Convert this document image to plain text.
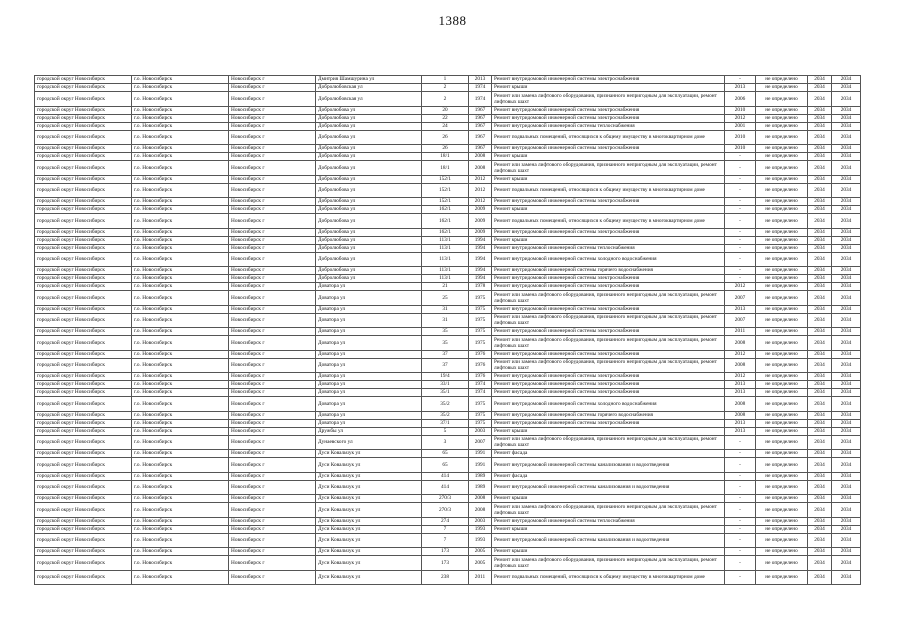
1388
городской округ Новосибирск	г.о. Новосибирск	Новосибирск г	Дмитрия Шамшурина ул	1	2013	Ремонт внутридомовой инженерной системы электроснабжения	-	не определено	2034	2034
городской округ Новосибирск	г.о. Новосибирск	Новосибирск г	Добролюбовская ул	2	1974	Ремонт крыши	2013	не определено	2034	2034
городской округ Новосибирск	г.о. Новосибирск	Новосибирск г	Добролюбовская ул	2	1974	Ремонт или замена лифтового оборудования, признанного непригодным для эксплуатации, ремонт лифтовых шахт	2006	не определено	2034	2034
городской округ Новосибирск	г.о. Новосибирск	Новосибирск г	Добролюбова ул	20	1967	Ремонт внутридомовой инженерной системы электроснабжения	2010	не определено	2034	2034
городской округ Новосибирск	г.о. Новосибирск	Новосибирск г	Добролюбова ул	22	1967	Ремонт внутридомовой инженерной системы электроснабжения	2012	не определено	2034	2034
городской округ Новосибирск	г.о. Новосибирск	Новосибирск г	Добролюбова ул	24	1967	Ремонт внутридомовой инженерной системы теплоснабжения	2001	не определено	2034	2034
городской округ Новосибирск	г.о. Новосибирск	Новосибирск г	Добролюбова ул	26	1967	Ремонт подвальных помещений, относящихся к общему имуществу в многоквартирном доме	2010	не определено	2034	2034
городской округ Новосибирск	г.о. Новосибирск	Новосибирск г	Добролюбова ул	26	1967	Ремонт внутридомовой инженерной системы электроснабжения	2010	не определено	2034	2034
городской округ Новосибирск	г.о. Новосибирск	Новосибирск г	Добролюбова ул	18/1	2008	Ремонт крыши	-	не определено	2034	2034
городской округ Новосибирск	г.о. Новосибирск	Новосибирск г	Добролюбова ул	18/1	2008	Ремонт или замена лифтового оборудования, признанного непригодным для эксплуатации, ремонт лифтовых шахт	-	не определено	2034	2034
городской округ Новосибирск	г.о. Новосибирск	Новосибирск г	Добролюбова ул	152/1	2012	Ремонт крыши	-	не определено	2034	2034
городской округ Новосибирск	г.о. Новосибирск	Новосибирск г	Добролюбова ул	152/1	2012	Ремонт подвальных помещений, относящихся к общему имуществу в многоквартирном доме	-	не определено	2034	2034
городской округ Новосибирск	г.о. Новосибирск	Новосибирск г	Добролюбова ул	152/1	2012	Ремонт внутридомовой инженерной системы электроснабжения	-	не определено	2034	2034
городской округ Новосибирск	г.о. Новосибирск	Новосибирск г	Добролюбова ул	162/1	2009	Ремонт крыши	-	не определено	2034	2034
городской округ Новосибирск	г.о. Новосибирск	Новосибирск г	Добролюбова ул	162/1	2009	Ремонт подвальных помещений, относящихся к общему имуществу в многоквартирном доме	-	не определено	2034	2034
городской округ Новосибирск	г.о. Новосибирск	Новосибирск г	Добролюбова ул	162/1	2009	Ремонт внутридомовой инженерной системы электроснабжения	-	не определено	2034	2034
городской округ Новосибирск	г.о. Новосибирск	Новосибирск г	Добролюбова ул	113/1	1994	Ремонт крыши	-	не определено	2034	2034
городской округ Новосибирск	г.о. Новосибирск	Новосибирск г	Добролюбова ул	113/1	1994	Ремонт внутридомовой инженерной системы теплоснабжения	-	не определено	2034	2034
городской округ Новосибирск	г.о. Новосибирск	Новосибирск г	Добролюбова ул	113/1	1994	Ремонт внутридомовой инженерной системы холодного водоснабжения	-	не определено	2034	2034
городской округ Новосибирск	г.о. Новосибирск	Новосибирск г	Добролюбова ул	113/1	1994	Ремонт внутридомовой инженерной системы горячего водоснабжения	-	не определено	2034	2034
городской округ Новосибирск	г.о. Новосибирск	Новосибирск г	Добролюбова ул	113/1	1994	Ремонт внутридомовой инженерной системы электроснабжения	-	не определено	2034	2034
городской округ Новосибирск	г.о. Новосибирск	Новосибирск г	Доватора ул	21	1978	Ремонт внутридомовой инженерной системы электроснабжения	2012	не определено	2034	2034
городской округ Новосибирск	г.о. Новосибирск	Новосибирск г	Доватора ул	25	1975	Ремонт или замена лифтового оборудования, признанного непригодным для эксплуатации, ремонт лифтовых шахт	2007	не определено	2034	2034
городской округ Новосибирск	г.о. Новосибирск	Новосибирск г	Доватора ул	31	1975	Ремонт внутридомовой инженерной системы электроснабжения	2013	не определено	2034	2034
городской округ Новосибирск	г.о. Новосибирск	Новосибирск г	Доватора ул	31	1975	Ремонт или замена лифтового оборудования, признанного непригодным для эксплуатации, ремонт лифтовых шахт	2007	не определено	2034	2034
городской округ Новосибирск	г.о. Новосибирск	Новосибирск г	Доватора ул	35	1975	Ремонт внутридомовой инженерной системы электроснабжения	2011	не определено	2034	2034
городской округ Новосибирск	г.о. Новосибирск	Новосибирск г	Доватора ул	35	1975	Ремонт или замена лифтового оборудования, признанного непригодным для эксплуатации, ремонт лифтовых шахт	2008	не определено	2034	2034
городской округ Новосибирск	г.о. Новосибирск	Новосибирск г	Доватора ул	37	1976	Ремонт внутридомовой инженерной системы электроснабжения	2012	не определено	2034	2034
городской округ Новосибирск	г.о. Новосибирск	Новосибирск г	Доватора ул	37	1976	Ремонт или замена лифтового оборудования, признанного непригодным для эксплуатации, ремонт лифтовых шахт	2008	не определено	2034	2034
городской округ Новосибирск	г.о. Новосибирск	Новосибирск г	Доватора ул	19/4	1976	Ремонт внутридомовой инженерной системы электроснабжения	2012	не определено	2034	2034
городской округ Новосибирск	г.о. Новосибирск	Новосибирск г	Доватора ул	33/1	1974	Ремонт внутридомовой инженерной системы электроснабжения	2013	не определено	2034	2034
городской округ Новосибирск	г.о. Новосибирск	Новосибирск г	Доватора ул	35/1	1974	Ремонт внутридомовой инженерной системы электроснабжения	2013	не определено	2034	2034
городской округ Новосибирск	г.о. Новосибирск	Новосибирск г	Доватора ул	35/2	1975	Ремонт внутридомовой инженерной системы холодного водоснабжения	2008	не определено	2034	2034
городской округ Новосибирск	г.о. Новосибирск	Новосибирск г	Доватора ул	35/2	1975	Ремонт внутридомовой инженерной системы горячего водоснабжения	2008	не определено	2034	2034
городской округ Новосибирск	г.о. Новосибирск	Новосибирск г	Доватора ул	37/1	1975	Ремонт внутридомовой инженерной системы электроснабжения	2013	не определено	2034	2034
городской округ Новосибирск	г.о. Новосибирск	Новосибирск г	Дружбы ул	5	2003	Ремонт крыши	2013	не определено	2034	2034
городской округ Новосибирск	г.о. Новосибирск	Новосибирск г	Дунаевского ул	3	2007	Ремонт или замена лифтового оборудования, признанного непригодным для эксплуатации, ремонт лифтовых шахт	-	не определено	2034	2034
городской округ Новосибирск	г.о. Новосибирск	Новосибирск г	Дуси Ковальчук ул	65	1991	Ремонт фасада	-	не определено	2034	2034
городской округ Новосибирск	г.о. Новосибирск	Новосибирск г	Дуси Ковальчук ул	65	1991	Ремонт внутридомовой инженерной системы канализования и водоотведения	-	не определено	2034	2034
городской округ Новосибирск	г.о. Новосибирск	Новосибирск г	Дуси Ковальчук ул	414	1989	Ремонт фасада	-	не определено	2034	2034
городской округ Новосибирск	г.о. Новосибирск	Новосибирск г	Дуси Ковальчук ул	414	1989	Ремонт внутридомовой инженерной системы канализования и водоотведения	-	не определено	2034	2034
городской округ Новосибирск	г.о. Новосибирск	Новосибирск г	Дуси Ковальчук ул	270/3	2008	Ремонт крыши	-	не определено	2034	2034
городской округ Новосибирск	г.о. Новосибирск	Новосибирск г	Дуси Ковальчук ул	270/3	2008	Ремонт или замена лифтового оборудования, признанного непригодным для эксплуатации, ремонт лифтовых шахт	-	не определено	2034	2034
городской округ Новосибирск	г.о. Новосибирск	Новосибирск г	Дуси Ковальчук ул	274	2003	Ремонт внутридомовой инженерной системы теплоснабжения	-	не определено	2034	2034
городской округ Новосибирск	г.о. Новосибирск	Новосибирск г	Дуси Ковальчук ул	7	1993	Ремонт крыши	-	не определено	2034	2034
городской округ Новосибирск	г.о. Новосибирск	Новосибирск г	Дуси Ковальчук ул	7	1993	Ремонт внутридомовой инженерной системы канализования и водоотведения	-	не определено	2034	2034
городской округ Новосибирск	г.о. Новосибирск	Новосибирск г	Дуси Ковальчук ул	173	2005	Ремонт крыши	-	не определено	2034	2034
городской округ Новосибирск	г.о. Новосибирск	Новосибирск г	Дуси Ковальчук ул	173	2005	Ремонт или замена лифтового оборудования, признанного непригодным для эксплуатации, ремонт лифтовых шахт	-	не определено	2034	2034
городской округ Новосибирск	г.о. Новосибирск	Новосибирск г	Дуси Ковальчук ул	238	2011	Ремонт подвальных помещений, относящихся к общему имуществу в многоквартирном доме	-	не определено	2034	2034
